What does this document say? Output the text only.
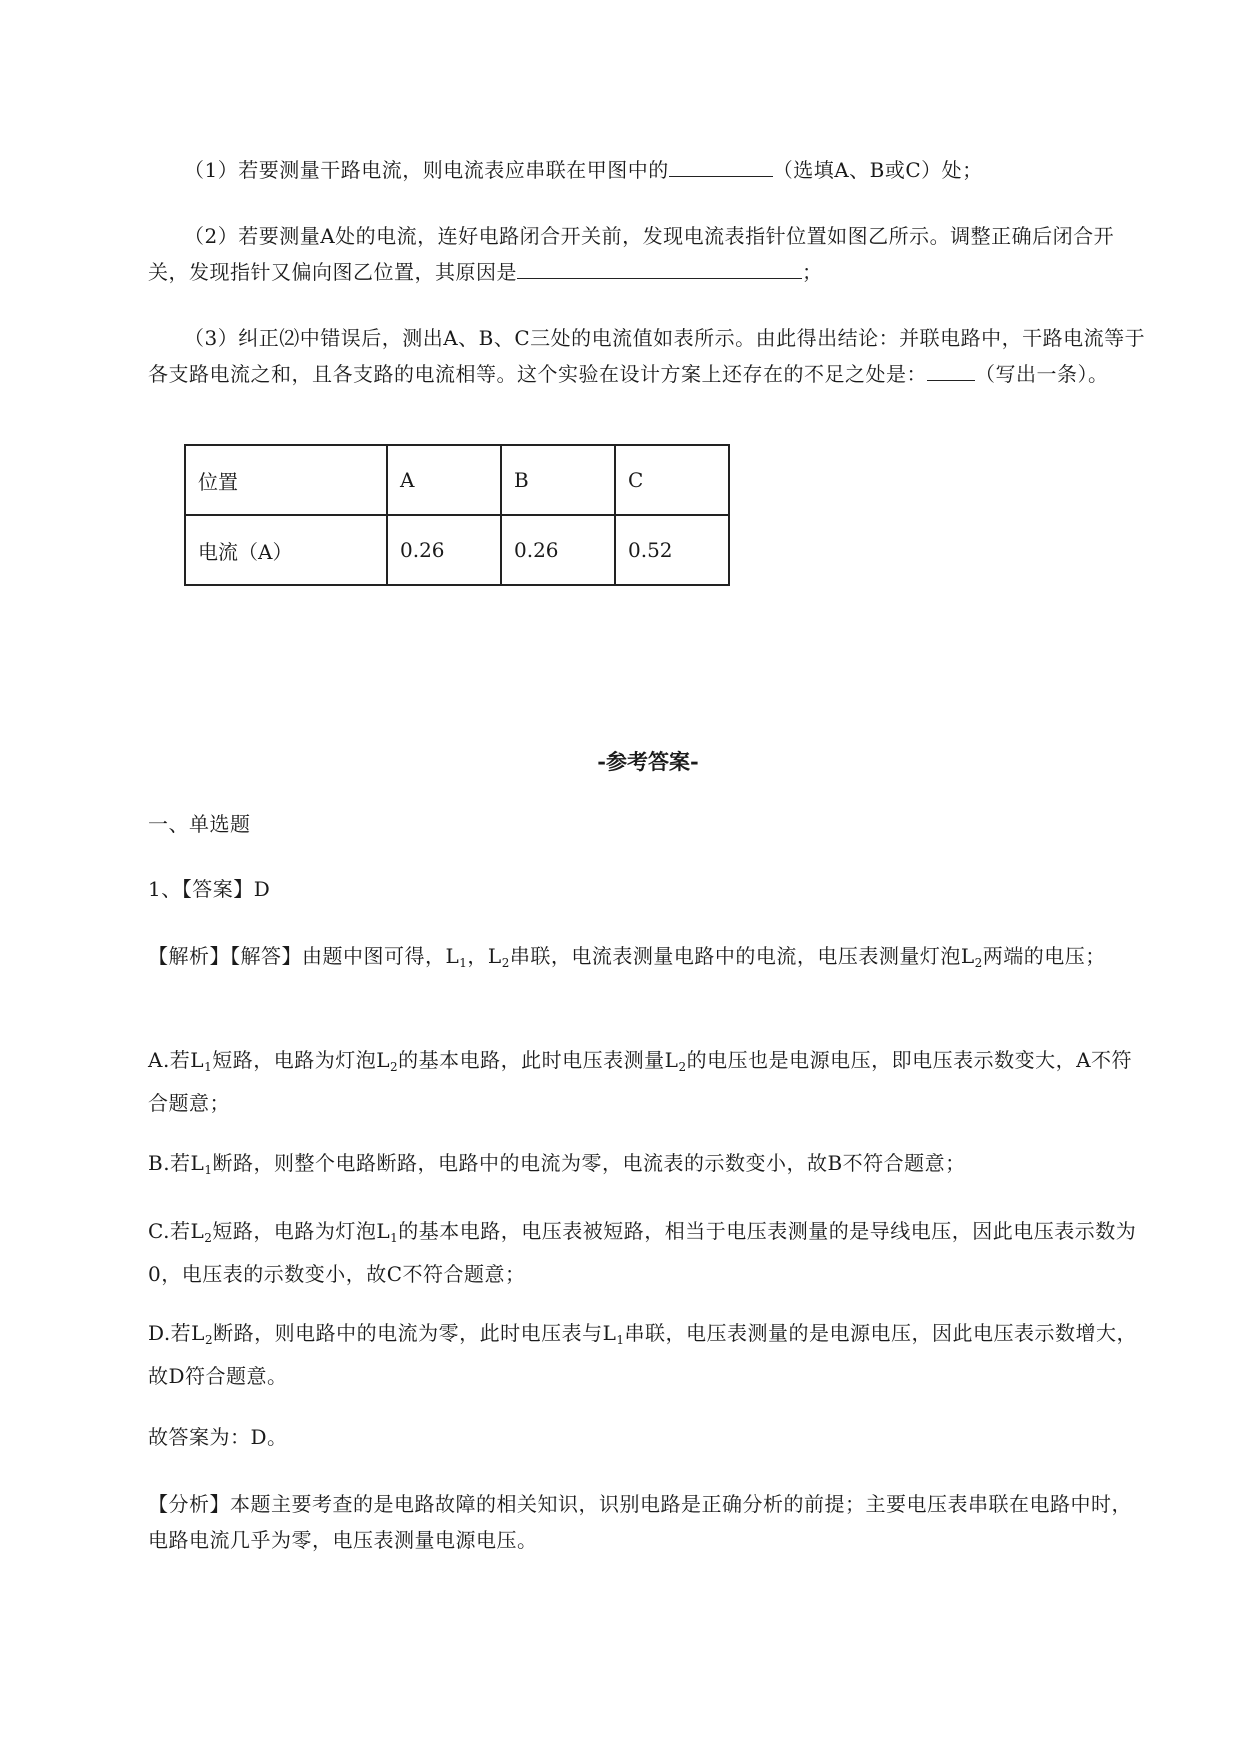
（1）若要测量干路电流，则电流表应串联在甲图中的	（选填A、B或C）处；
（2）若要测量A处的电流，连好电路闭合开关前，发现电流表指针位置如图乙所示。调整正确后闭合开关，发现指针又偏向图乙位置，其原因是	；
（3）纠正⑵中错误后，测出A、B、C三处的电流值如表所示。由此得出结论：并联电路中，干路电流等于各支路电流之和，且各支路的电流相等。这个实验在设计方案上还存在的不足之处是： （写出一条）。
位置	A	B	C
电流（A）	0.26	0.26	0.52
-参考答案-
一、单选题
1、【答案】D
【解析】【解答】由题中图可得，$L_1$，$L_2$串联，电流表测量电路中的电流，电压表测量灯泡$L_2$两端的电压；
A.若$L_1$短路，电路为灯泡$L_2$的基本电路，此时电压表测量$L_2$的电压也是电源电压，即电压表示数变大，A不符合题意；
B.若$L_1$断路，则整个电路断路，电路中的电流为零，电流表的示数变小，故B不符合题意；
C.若$L_2$短路，电路为灯泡$L_1$的基本电路，电压表被短路，相当于电压表测量的是导线电压，因此电压表示数为0，电压表的示数变小，故C不符合题意；
D.若$L_2$断路，则电路中的电流为零，此时电压表与$L_1$串联，电压表测量的是电源电压，因此电压表示数增大，故D符合题意。
故答案为：D。
【分析】本题主要考查的是电路故障的相关知识，识别电路是正确分析的前提；主要电压表串联在电路中时，电路电流几乎为零，电压表测量电源电压。
